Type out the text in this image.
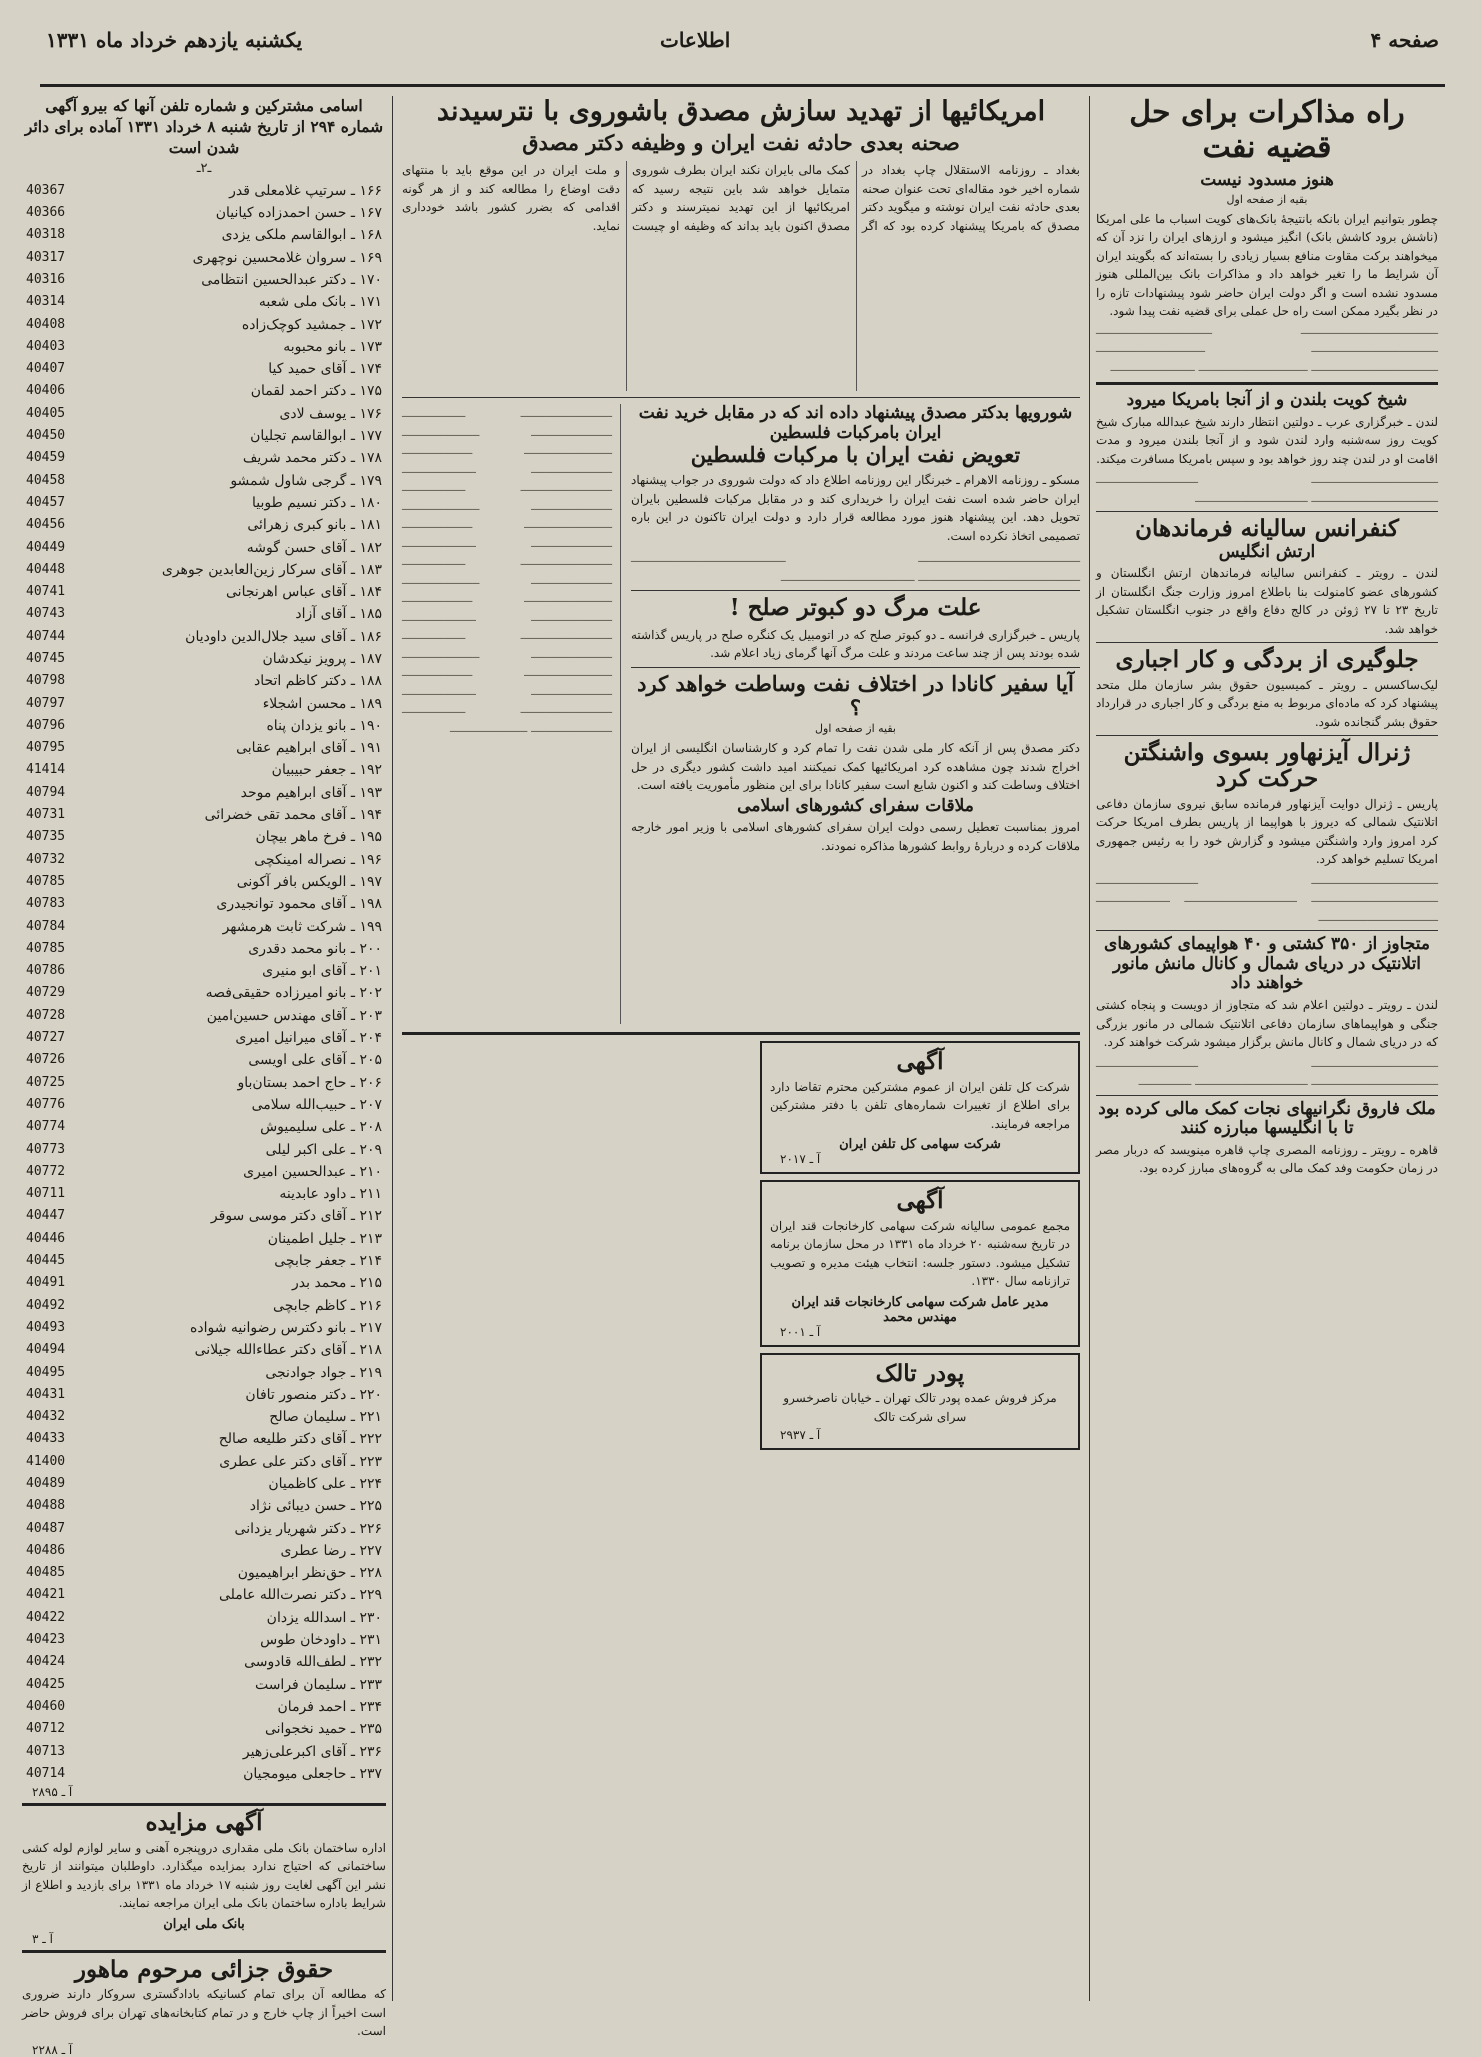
صفحه ۴
اطلاعات
یکشنبه یازدهم خرداد ماه ۱۳۳۱
راه مذاکرات برای حل قضیه نفت
هنوز مسدود نیست
بقیه از صفحه اول

چطور بتوانیم ایران بانکه بانتیجۀ بانک‌های کویت اسباب ما علی امریکا (ناشش برود کاشش بانک) انگیز میشود و ارزهای ایران را نزد آن که میخواهند برکت مقاوت منافع بسیار زیادی را بسته‌اند که بگویند ایران آن شرایط ما را تغیر خواهد داد و مذاکرات بانک بین‌المللی هنوز مسدود نشده است و اگر دولت ایران حاضر شود پیشنهادات تازه را در نظر بگیرد ممکن است راه حل عملی برای قضیه نفت پیدا شود.

ـــــــــــــــــــــــــــــــــــــــ ـــــــــــــــــــــــــــــــــ ــــــــــــــــــــــــــــــــــــ ـــــــــــــــــــــــــــــــ ــــــــــــــــــــــــــــــــــــ ـــــــــــــــــــــــــــــــ ــــــــــــــــــــــــ
شیخ کویت بلندن و از آنجا بامریکا میرود

لندن ـ خبرگزاری عرب ـ دولتین انتظار دارند شیخ عبدالله مبارک شیخ کویت روز سه‌شنبه وارد لندن شود و از آنجا بلندن میرود و مدت اقامت او در لندن چند روز خواهد بود و سپس بامریکا مسافرت میکند.

ــــــــــــــــــــــــــــــــــــ ـــــــــــــــــــــــــــــ ــــــــــــــــــــــــــــــــــــ ــــــــــــــــــــــــــــــــ
کنفرانس سالیانه فرماندهان
ارتش انگلیس

لندن ـ رویتر ـ کنفرانس سالیانه فرماندهان ارتش انگلستان و کشورهای عضو کامنولت بنا باطلاع امروز وزارت جنگ انگلستان از تاریخ ۲۳ تا ۲۷ ژوئن در کالج دفاع واقع در جنوب انگلستان تشکیل خواهد شد.

جلوگیری از بردگی و کار اجباری

لیک‌ساکسس ـ رویتر ـ کمیسیون حقوق بشر سازمان ملل متحد پیشنهاد کرد که ماده‌ای مربوط به منع بردگی و کار اجباری در قرارداد حقوق بشر گنجانده شود.

ژنرال آیزنهاور بسوی واشنگتن حرکت کرد

پاریس ـ ژنرال دوایت آیزنهاور فرمانده سابق نیروی سازمان دفاعی اتلانتیک شمالی که دیروز با هواپیما از پاریس بطرف امریکا حرکت کرد امروز وارد واشنگتن میشود و گزارش خود را به رئیس جمهوری امریکا تسلیم خواهد کرد.

ــــــــــــــــــــــــــــــــــــ ـــــــــــــــــــــــــــــ ــــــــــــــــــــــــــــــــــــ ــــــــــــــــــــــــــــــــ ـــــــــــــــــــــ ــــــــــــــــــــــــــــــــــ
متجاوز از ۳۵۰ کشتی و ۴۰ هواپیمای کشورهای اتلانتیک در دریای شمال و کانال مانش مانور خواهند داد

لندن ـ رویتر ـ دولتین اعلام شد که متجاوز از دویست و پنجاه کشتی جنگی و هواپیماهای سازمان دفاعی اتلانتیک شمالی در مانور بزرگی که در دریای شمال و کانال مانش برگزار میشود شرکت خواهند کرد.

ــــــــــــــــــــــــــــــــــــ ـــــــــــــــــــــــــــــ ــــــــــــــــــــــــــــــــــــ ــــــــــــــــــــــــــــــــ ـــــــــــــــ
ملک فاروق نگرانیهای نجات کمک مالی کرده بود تا با انگلیسها مبارزه کنند

قاهره ـ رویتر ـ روزنامه المصری چاپ قاهره مینویسد که دربار مصر در زمان حکومت وفد کمک مالی به گروه‌های مبارز کرده بود.

امریکائیها از تهدید سازش مصدق باشوروی با نترسیدند
صحنه بعدی حادثه نفت ایران و وظیفه دکتر مصدق

بغداد ـ روزنامه الاستقلال چاپ بغداد در شماره اخیر خود مقاله‌ای تحت عنوان صحنه بعدی حادثه نفت ایران نوشته و میگوید دکتر مصدق که بامریکا پیشنهاد کرده بود که اگر کمک مالی بایران نکند ایران بطرف شوروی متمایل خواهد شد باین نتیجه رسید که امریکائیها از این تهدید نمیترسند و دکتر مصدق اکنون باید بداند که وظیفه او چیست و ملت ایران در این موقع باید با منتهای دقت اوضاع را مطالعه کند و از هر گونه اقدامی که بضرر کشور باشد خودداری نماید.

شورویها بدکتر مصدق پیشنهاد داده اند که در مقابل خرید نفت ایران بامرکبات فلسطین
تعویض نفت ایران با مرکبات فلسطین

مسکو ـ روزنامه الاهرام ـ خبرنگار این روزنامه اطلاع داد که دولت شوروی در جواب پیشنهاد ایران حاضر شده است نفت ایران را خریداری کند و در مقابل مرکبات فلسطین بایران تحویل دهد. این پیشنهاد هنوز مورد مطالعه قرار دارد و دولت ایران تاکنون در این باره تصمیمی اتخاذ نکرده است.

ــــــــــــــــــــــــــــــــــــــــــــــ ــــــــــــــــــــــــــــــــــــــــــــ ــــــــــــــــــــــــــــــــــــــــــــــ ــــــــــــــــــــــــــــــــــــــ
علت مرگ دو کبوتر صلح !

پاریس ـ خبرگزاری فرانسه ـ دو کبوتر صلح که در اتومبیل یک کنگره صلح در پاریس گذاشته شده بودند پس از چند ساعت مردند و علت مرگ آنها گرمای زیاد اعلام شد.

آیا سفیر کانادا در اختلاف نفت وساطت خواهد کرد ؟
بقیه از صفحه اول

دکتر مصدق پس از آنکه کار ملی شدن نفت را تمام کرد و کارشناسان انگلیسی از ایران اخراج شدند چون مشاهده کرد امریکائیها کمک نمیکنند امید داشت کشور دیگری در حل اختلاف وساطت کند و اکنون شایع است سفیر کانادا برای این منظور مأموریت یافته است.

ملاقات سفرای کشورهای اسلامی

امروز بمناسبت تعطیل رسمی دولت ایران سفرای کشورهای اسلامی با وزیر امور خارجه ملاقات کرده و دربارۀ روابط کشورها مذاکره نمودند.

ــــــــــــــــــــــــــ ــــــــــــــــــ ـــــــــــــــــــــــ ــــــــــــــــــــــ ـــــــــــــــــــــــــ ــــــــــــــــــــ ـــــــــــــــــــــــ ـــــــــــــــــــــ ــــــــــــــــــــــــــ ــــــــــــــــــ ـــــــــــــــــــــــ ــــــــــــــــــــــ ـــــــــــــــــــــــــ ــــــــــــــــــــ ـــــــــــــــــــــــ ـــــــــــــــــــــ ــــــــــــــــــــــــــ ــــــــــــــــــ ـــــــــــــــــــــــ ــــــــــــــــــــــ ـــــــــــــــــــــــــ ــــــــــــــــــــ ـــــــــــــــــــــــ ـــــــــــــــــــــ ــــــــــــــــــــــــــ ــــــــــــــــــ ـــــــــــــــــــــــ ــــــــــــــــــــــ ـــــــــــــــــــــــــ ــــــــــــــــــــ ـــــــــــــــــــــــ ـــــــــــــــــــــ ــــــــــــــــــــــــــ ــــــــــــــــــ ـــــــــــــــــــــــ ــــــــــــــــــــــ
آگهی

شرکت کل تلفن ایران از عموم مشترکین محترم تقاضا دارد برای اطلاع از تغییرات شماره‌های تلفن با دفتر مشترکین مراجعه فرمایند.

شرکت سهامی کل تلفن ایران
آ ـ ۲۰۱۷
آگهی

مجمع عمومی سالیانه شرکت سهامی کارخانجات قند ایران در تاریخ سه‌شنبه ۲۰ خرداد ماه ۱۳۳۱ در محل سازمان برنامه تشکیل میشود. دستور جلسه: انتخاب هیئت مدیره و تصویب ترازنامه سال ۱۳۳۰.

مدیر عامل شرکت سهامی کارخانجات قند ایران مهندس محمد
آ ـ ۲۰۰۱
پودر تالک

مرکز فروش عمده پودر تالک تهران ـ خیابان ناصرخسرو سرای شرکت تالک

آ ـ ۲۹۳۷
اسامی مشترکین و شماره تلفن آنها که بیرو آگهی شماره ۲۹۴ از تاریخ شنبه ۸ خرداد ۱۳۳۱ آماده برای دائر شدن است
ـ۲ـ
۱۶۶ ـ سرتیپ غلامعلی قدر
40367
۱۶۷ ـ حسن احمدزاده کیانیان
40366
۱۶۸ ـ ابوالقاسم ملکی یزدی
40318
۱۶۹ ـ سروان غلامحسین نوچهری
40317
۱۷۰ ـ دکتر عبدالحسین انتظامی
40316
۱۷۱ ـ بانک ملی شعبه
40314
۱۷۲ ـ جمشید کوچک‌زاده
40408
۱۷۳ ـ بانو محبوبه
40403
۱۷۴ ـ آقای حمید کیا
40407
۱۷۵ ـ دکتر احمد لقمان
40406
۱۷۶ ـ یوسف لادی
40405
۱۷۷ ـ ابوالقاسم تجلیان
40450
۱۷۸ ـ دکتر محمد شریف
40459
۱۷۹ ـ گرجی شاول شمشو
40458
۱۸۰ ـ دکتر نسیم طوبیا
40457
۱۸۱ ـ بانو کبری زهرائی
40456
۱۸۲ ـ آقای حسن گوشه
40449
۱۸۳ ـ آقای سرکار زین‌العابدین جوهری
40448
۱۸۴ ـ آقای عباس اهرنجانی
40741
۱۸۵ ـ آقای آزاد
40743
۱۸۶ ـ آقای سید جلال‌الدین داودیان
40744
۱۸۷ ـ پرویز نیکدشان
40745
۱۸۸ ـ دکتر کاظم اتحاد
40798
۱۸۹ ـ محسن اشجلاء
40797
۱۹۰ ـ بانو یزدان پناه
40796
۱۹۱ ـ آقای ابراهیم عقابی
40795
۱۹۲ ـ جعفر حبیبیان
41414
۱۹۳ ـ آقای ابراهیم موحد
40794
۱۹۴ ـ آقای محمد تقی خضرائی
40731
۱۹۵ ـ فرخ ماهر بیچان
40735
۱۹۶ ـ نصراله امینکچی
40732
۱۹۷ ـ الویکس بافر آکونی
40785
۱۹۸ ـ آقای محمود توانجیدری
40783
۱۹۹ ـ شرکت ثابت هرمشهر
40784
۲۰۰ ـ بانو محمد دقدری
40785
۲۰۱ ـ آقای ابو منیری
40786
۲۰۲ ـ بانو امیرزاده حقیقی‌فصه
40729
۲۰۳ ـ آقای مهندس حسین‌امین
40728
۲۰۴ ـ آقای میرانیل امیری
40727
۲۰۵ ـ آقای علی اویسی
40726
۲۰۶ ـ حاج احمد بستان‌باو
40725
۲۰۷ ـ حبیب‌الله سلامی
40776
۲۰۸ ـ علی سلیمیوش
40774
۲۰۹ ـ علی اکبر لیلی
40773
۲۱۰ ـ عبدالحسین امیری
40772
۲۱۱ ـ داود عابدینه
40711
۲۱۲ ـ آقای دکتر موسی سوقر
40447
۲۱۳ ـ جلیل اطمینان
40446
۲۱۴ ـ جعفر جابچی
40445
۲۱۵ ـ محمد بدر
40491
۲۱۶ ـ کاظم جابچی
40492
۲۱۷ ـ بانو دکترس رضوانیه شواده
40493
۲۱۸ ـ آقای دکتر عطاءالله جیلانی
40494
۲۱۹ ـ جواد جوادنجی
40495
۲۲۰ ـ دکتر منصور تافان
40431
۲۲۱ ـ سلیمان صالح
40432
۲۲۲ ـ آقای دکتر طلیعه صالح
40433
۲۲۳ ـ آقای دکتر علی عطری
41400
۲۲۴ ـ علی کاظمیان
40489
۲۲۵ ـ حسن دیبائی نژاد
40488
۲۲۶ ـ دکتر شهریار یزدانی
40487
۲۲۷ ـ رضا عطری
40486
۲۲۸ ـ حق‌نظر ابراهیمیون
40485
۲۲۹ ـ دکتر نصرت‌الله عاملی
40421
۲۳۰ ـ اسدالله یزدان
40422
۲۳۱ ـ داودخان طوس
40423
۲۳۲ ـ لطف‌الله قادوسی
40424
۲۳۳ ـ سلیمان فراست
40425
۲۳۴ ـ احمد فرمان
40460
۲۳۵ ـ حمید نخجوانی
40712
۲۳۶ ـ آقای اکبرعلی‌زهیر
40713
۲۳۷ ـ حاجعلی میومجیان
40714
آ ـ ۲۸۹۵
آگهی مزایده

اداره ساختمان بانک ملی مقداری دروپنجره آهنی و سایر لوازم لوله کشی ساختمانی که احتیاج ندارد بمزایده میگذارد. داوطلبان میتوانند از تاریخ نشر این آگهی لغایت روز شنبه ۱۷ خرداد ماه ۱۳۳۱ برای بازدید و اطلاع از شرایط باداره ساختمان بانک ملی ایران مراجعه نمایند.

بانک ملی ایران
آ ـ ۳
حقوق جزائی مرحوم ماهور

که مطالعه آن برای تمام کسانیکه بادادگستری سروکار دارند ضروری است اخیراً از چاپ خارج و در تمام کتابخانه‌های تهران برای فروش حاضر است.

آ ـ ۲۲۸۸
